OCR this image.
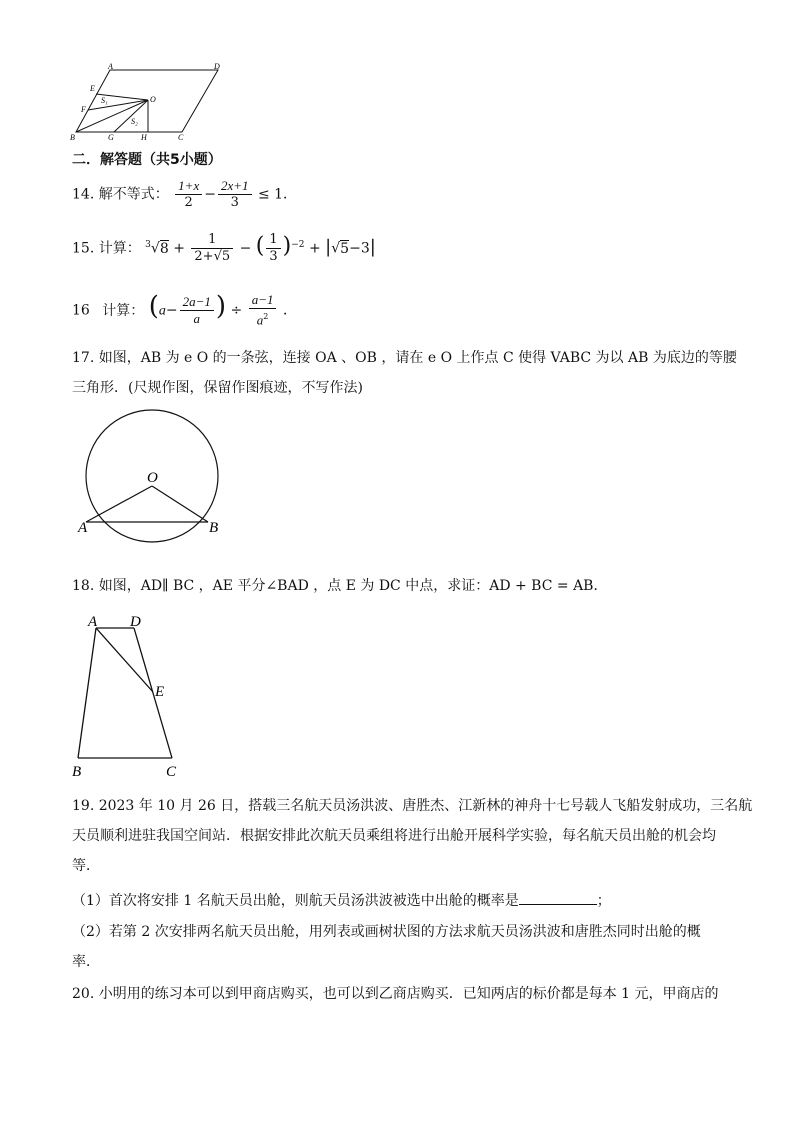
A	D
E
F
S₁	O
S₂
B	G	H	C
二．解答题（共5小题）
14. 解不等式： $\frac{1+x}{2} - \frac{2x+1}{3} \le 1$．
15. 计算： $^3√8 + \frac{1}{2+√5}$ − ( $\frac{1}{3} )^{-2} + |√5-3|$
16 计算： ($a- \frac{2a-1}{a}$ ) ÷ $\frac{a-1}{a^2}$ ．
17. 如图，AB 为 e O 的一条弦，连接 OA 、OB ，请在 e O 上作点 C 使得 VABC 为以 AB 为底边的等腰
三角形．(尺规作图，保留作图痕迹，不写作法)
O
A	B
18. 如图，AD∥ BC ，AE 平分∠BAD ，点 E 为 DC 中点，求证：AD + BC = AB．
A D
E
B	C
19. 2023 年 10 月 26 日，搭载三名航天员汤洪波、唐胜杰、江新林的神舟十七号载人飞船发射成功，三名航
天员顺利进驻我国空间站．根据安排此次航天员乘组将进行出舱开展科学实验，每名航天员出舱的机会均
等．
（1）首次将安排 1 名航天员出舱，则航天员汤洪波被选中出舱的概率是	；
（2）若第 2 次安排两名航天员出舱，用列表或画树状图的方法求航天员汤洪波和唐胜杰同时出舱的概
率．
20. 小明用的练习本可以到甲商店购买，也可以到乙商店购买．已知两店的标价都是每本 1 元，甲商店的
